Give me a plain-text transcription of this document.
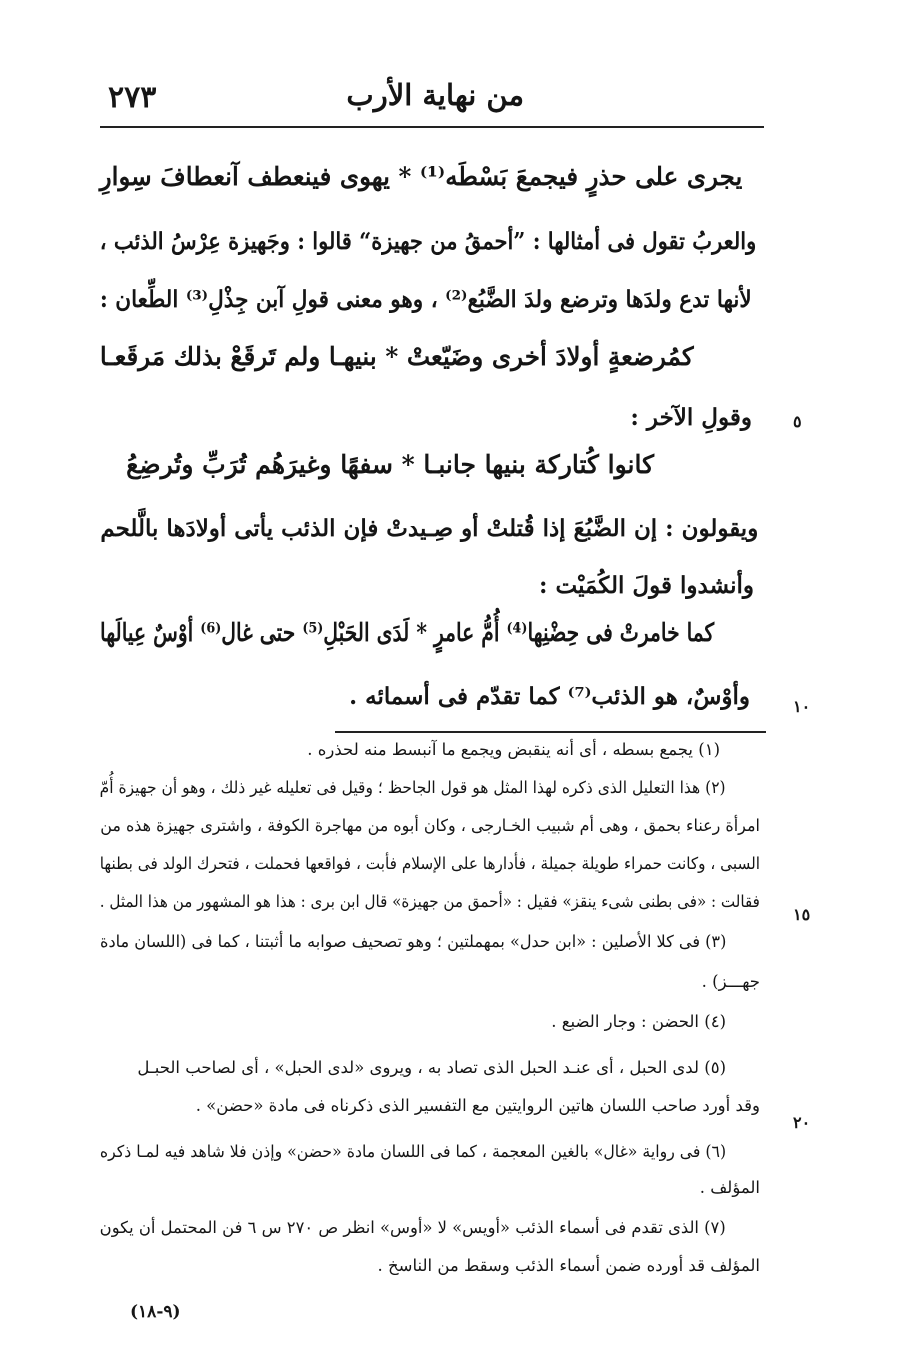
٢٧٣	من نهاية الأرب
يجرى على حذرٍ فيجمعَ بَسْطَه⁽¹⁾ * يهوى فينعطف آنعطافَ سِوارِ
والعربُ تقول فى أمثالها : ”أحمقُ من جهيزة“ قالوا : وجَهيزة عِرْسُ الذئب ،
لأنها تدع ولدَها وترضع ولدَ الضَّبُع⁽²⁾ ، وهو معنى قولِ آبن جِذْلِ⁽³⁾ الطِّعان :
كمُرضعةٍ أولادَ أخرى وضَيّعتْ * بنيهـا ولم تَرقَعْ بذلك مَرقَعـا
وقولِ الآخر :
كانوا كُتاركة بنيها جانبـا * سفهًا وغيرَهُم تُرَبِّ وتُرضِعُ
ويقولون : إن الضَّبُعَ إذا قُتلتْ أو صِـيدتْ فإن الذئب يأتى أولادَها بالَّلحم
وأنشدوا قولَ الكُمَيْت :
كما خامرتْ فى حِضْنِها⁽⁴⁾ أُمُّ عامرٍ * لَدَى الحَبْلِ⁽⁵⁾ حتى غال⁽⁶⁾ أوْسٌ عِيالَها
وأوْسٌ، هو الذئب⁽⁷⁾ كما تقدّم فى أسمائه .
٥
١٠
(١) يجمع بسطه ، أى أنه ينقبض ويجمع ما آنبسط منه لحذره .
(٢) هذا التعليل الذى ذكره لهذا المثل هو قول الجاحظ ؛ وقيل فى تعليله غير ذلك ، وهو أن جهيزة أُمّ
امرأة رعناء بحمق ، وهى أم شبيب الخـارجى ، وكان أبوه من مهاجرة الكوفة ، واشترى جهيزة هذه من
السبى ، وكانت حمراء طويلة جميلة ، فأدارها على الإسلام فأبت ، فواقعها فحملت ، فتحرك الولد فى بطنها
فقالت : «فى بطنى شىء ينقز» فقيل : «أحمق من جهيزة» قال ابن برى : هذا هو المشهور من هذا المثل .
(٣) فى كلا الأصلين : «ابن حدل» بمهملتين ؛ وهو تصحيف صوابه ما أثبتنا ، كما فى (اللسان مادة
جهـــز) .
(٤) الحضن : وجار الضبع .
(٥) لدى الحبل ، أى عنـد الحبل الذى تصاد به ، ويروى «لدى الحبل» ، أى لصاحب الحبـل
وقد أورد صاحب اللسان هاتين الروايتين مع التفسير الذى ذكرناه فى مادة «حضن» .
(٦) فى رواية «غال» بالغين المعجمة ، كما فى اللسان مادة «حضن» وإذن فلا شاهد فيه لمـا ذكره
المؤلف .
(٧) الذى تقدم فى أسماء الذئب «أويس» لا «أوس» انظر ص ٢٧٠ س ٦ فن المحتمل أن يكون
المؤلف قد أورده ضمن أسماء الذئب وسقط من الناسخ .
١٥
٢٠
(٩-١٨)
